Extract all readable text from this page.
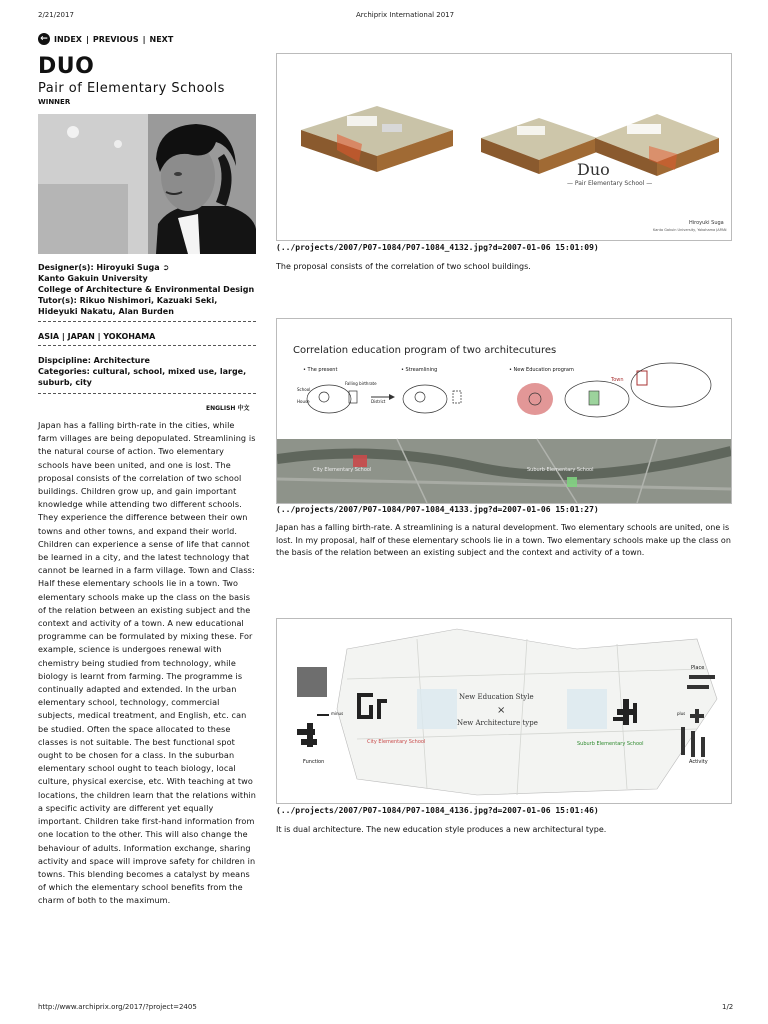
2/21/2017	Archiprix International 2017
http://www.archiprix.org/2017/?project=2405	1/2
← INDEX | PREVIOUS | NEXT
DUO
Pair of Elementary Schools
WINNER
Designer(s): Hiroyuki Suga ➲
Kanto Gakuin University
College of Architecture & Environmental Design
Tutor(s): Rikuo Nishimori, Kazuaki Seki, Hideyuki Nakatu, Alan Burden
ASIA | JAPAN | YOKOHAMA
Dispcipline: Architecture
Categories: cultural, school, mixed use, large, suburb, city
ENGLISH 中文
Japan has a falling birth-rate in the cities, while farm villages are being depopulated. Streamlining is the natural course of action. Two elementary schools have been united, and one is lost. The proposal consists of the correlation of two school buildings. Children grow up, and gain important knowledge while attending two different schools. They experience the difference between their own towns and other towns, and expand their world. Children can experience a sense of life that cannot be learned in a city, and the latest technology that cannot be learned in a farm village. Town and Class: Half these elementary schools lie in a town. Two elementary schools make up the class on the basis of the relation between an existing subject and the context and activity of a town. A new educational programme can be formulated by mixing these. For example, science is undergoes renewal with chemistry being studied from technology, while biology is learnt from farming. The programme is continually adapted and extended. In the urban elementary school, technology, commercial subjects, medical treatment, and English, etc. can be studied. Often the space allocated to these classes is not suitable. The best functional spot ought to be chosen for a class. In the suburban elementary school ought to teach biology, local culture, physical exercise, etc. With teaching at two locations, the children learn that the relations within a specific activity are different yet equally important. Children take first-hand information from one location to the other. This will also change the behaviour of adults. Information exchange, sharing activity and space will improve safety for children in towns. This blending becomes a catalyst by means of which the elementary school benefits from the charm of both to the maximum.
Duo
— Pair Elementary School —
Hiroyuki Suga
Kanto Gakuin University, Yokohama JAPAN
(../projects/2007/P07-1084/P07-1084_4132.jpg?d=2007-01-06 15:01:09)
The proposal consists of the correlation of two school buildings.
Correlation education program of two architecutures
• The present	• Streamlining	• New Education program
Falling birthrate
School
House	District
Town
City Elementary School	Suburb Elementary School
(../projects/2007/P07-1084/P07-1084_4133.jpg?d=2007-01-06 15:01:27)
Japan has a falling birth-rate. A streamlining is a natural development. Two elementary schools are united, one is lost. In my proposal, half of these elementary schools lie in a town. Two elementary schools make up the class on the basis of the relation between an existing subject and the context and activity of a town.
New Education Style
×
New Architecture type
City Elementary School	Suburb Elementary School
Function	Activity
Place
minus	plus
(../projects/2007/P07-1084/P07-1084_4136.jpg?d=2007-01-06 15:01:46)
It is dual architecture. The new education style produces a new architectural type.
